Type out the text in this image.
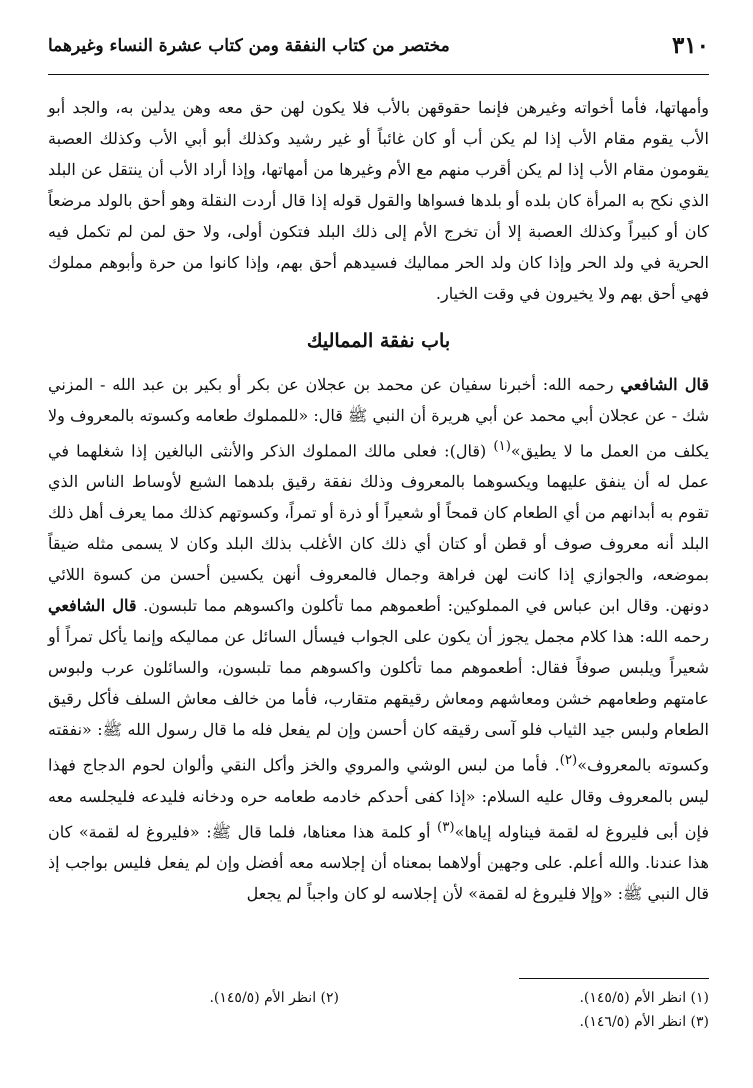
٣١٠
مختصر من كتاب النفقة ومن كتاب عشرة النساء وغيرهما

وأمهاتها، فأما أخواته وغيرهن فإنما حقوقهن بالأب فلا يكون لهن حق معه وهن يدلين به، والجد أبو الأب يقوم مقام الأب إذا لم يكن أب أو كان غائباً أو غير رشيد وكذلك أبو أبي الأب وكذلك العصبة يقومون مقام الأب إذا لم يكن أقرب منهم مع الأم وغيرها من أمهاتها، وإذا أراد الأب أن ينتقل عن البلد الذي نكح به المرأة كان بلده أو بلدها فسواها والقول قوله إذا قال أردت النقلة وهو أحق بالولد مرضعاً كان أو كبيراً وكذلك العصبة إلا أن تخرج الأم إلى ذلك البلد فتكون أولى، ولا حق لمن لم تكمل فيه الحرية في ولد الحر وإذا كان ولد الحر مماليك فسيدهم أحق بهم، وإذا كانوا من حرة وأبوهم مملوك فهي أحق بهم ولا يخيرون في وقت الخيار.

باب نفقة المماليك

قال الشافعي رحمه الله: أخبرنا سفيان عن محمد بن عجلان عن بكر أو بكير بن عبد الله - المزني شك - عن عجلان أبي محمد عن أبي هريرة أن النبي ﷺ قال: «للمملوك طعامه وكسوته بالمعروف ولا يكلف من العمل ما لا يطيق»$^{(١)}$ (قال): فعلى مالك المملوك الذكر والأنثى البالغين إذا شغلهما في عمل له أن ينفق عليهما ويكسوهما بالمعروف وذلك نفقة رقيق بلدهما الشبع لأوساط الناس الذي تقوم به أبدانهم من أي الطعام كان قمحاً أو شعيراً أو ذرة أو تمراً، وكسوتهم كذلك مما يعرف أهل ذلك البلد أنه معروف صوف أو قطن أو كتان أي ذلك كان الأغلب بذلك البلد وكان لا يسمى مثله ضيقاً بموضعه، والجوازي إذا كانت لهن فراهة وجمال فالمعروف أنهن يكسين أحسن من كسوة اللائي دونهن. وقال ابن عباس في المملوكين: أطعموهم مما تأكلون واكسوهم مما تلبسون. قال الشافعي رحمه الله: هذا كلام مجمل يجوز أن يكون على الجواب فيسأل السائل عن مماليكه وإنما يأكل تمراً أو شعيراً ويلبس صوفاً فقال: أطعموهم مما تأكلون واكسوهم مما تلبسون، والسائلون عرب ولبوس عامتهم وطعامهم خشن ومعاشهم ومعاش رقيقهم متقارب، فأما من خالف معاش السلف فأكل رقيق الطعام ولبس جيد الثياب فلو آسى رقيقه كان أحسن وإن لم يفعل فله ما قال رسول الله ﷺ: «نفقته وكسوته بالمعروف»$^{(٢)}$. فأما من لبس الوشي والمروي والخز وأكل النقي وألوان لحوم الدجاج فهذا ليس بالمعروف وقال عليه السلام: «إذا كفى أحدكم خادمه طعامه حره ودخانه فليدعه فليجلسه معه فإن أبى فليروغ له لقمة فيناوله إياها»$^{(٣)}$ أو كلمة هذا معناها، فلما قال ﷺ: «فليروغ له لقمة» كان هذا عندنا. والله أعلم. على وجهين أولاهما بمعناه أن إجلاسه معه أفضل وإن لم يفعل فليس بواجب إذ قال النبي ﷺ: «وإلا فليروغ له لقمة» لأن إجلاسه لو كان واجباً لم يجعل

(١) انظر الأم (١٤٥/٥).
(٢) انظر الأم (١٤٥/٥).
(٣) انظر الأم (١٤٦/٥).
